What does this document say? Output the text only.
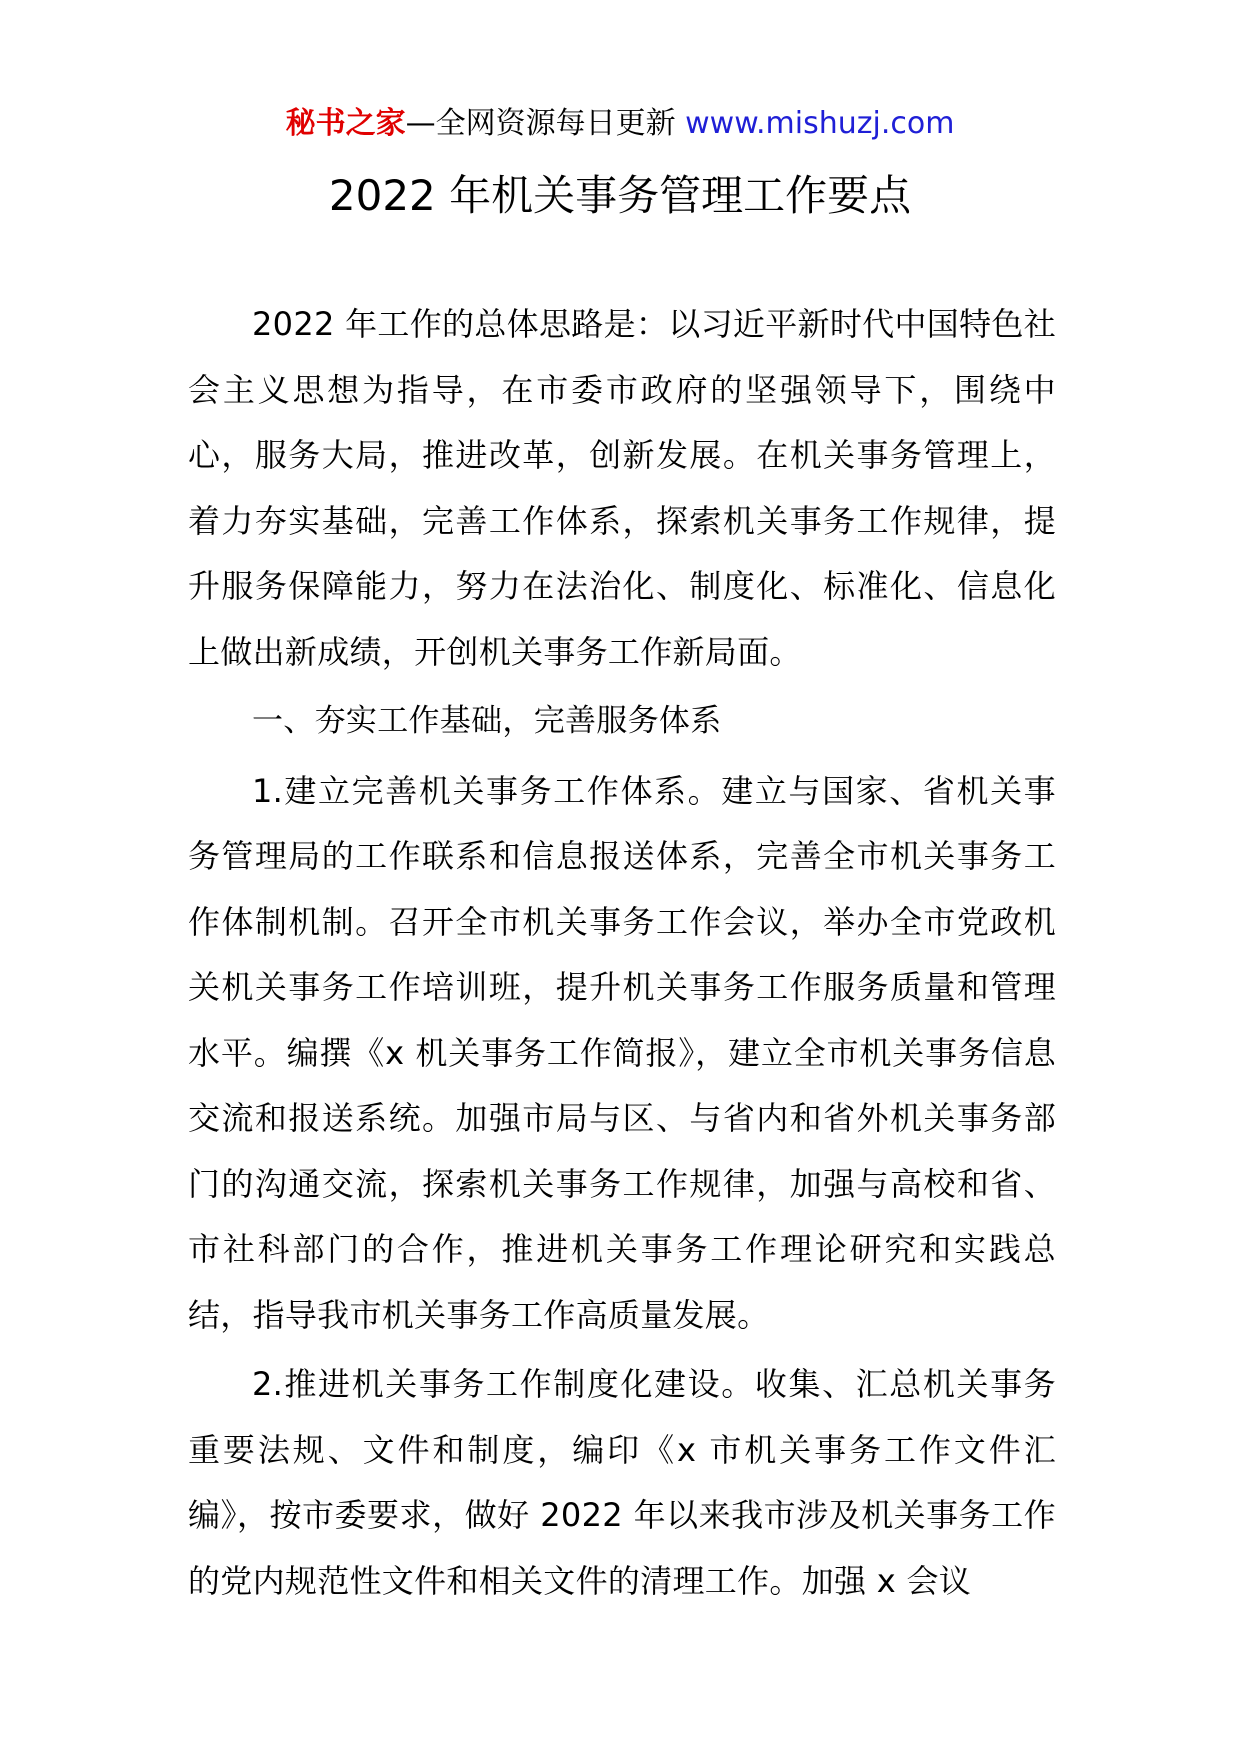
秘书之家—全网资源每日更新 www.mishuzj.com
2022 年机关事务管理工作要点

2022 年工作的总体思路是：以习近平新时代中国特色社会主义思想为指导，在市委市政府的坚强领导下，围绕中心，服务大局，推进改革，创新发展。在机关事务管理上，着力夯实基础，完善工作体系，探索机关事务工作规律，提升服务保障能力，努力在法治化、制度化、标准化、信息化上做出新成绩，开创机关事务工作新局面。

一、夯实工作基础，完善服务体系

1.建立完善机关事务工作体系。建立与国家、省机关事务管理局的工作联系和信息报送体系，完善全市机关事务工作体制机制。召开全市机关事务工作会议，举办全市党政机关机关事务工作培训班，提升机关事务工作服务质量和管理水平。编撰《x 机关事务工作简报》，建立全市机关事务信息交流和报送系统。加强市局与区、与省内和省外机关事务部门的沟通交流，探索机关事务工作规律，加强与高校和省、市社科部门的合作，推进机关事务工作理论研究和实践总结，指导我市机关事务工作高质量发展。

2.推进机关事务工作制度化建设。收集、汇总机关事务重要法规、文件和制度，编印《x 市机关事务工作文件汇编》，按市委要求，做好 2022 年以来我市涉及机关事务工作的党内规范性文件和相关文件的清理工作。加强 x 会议
